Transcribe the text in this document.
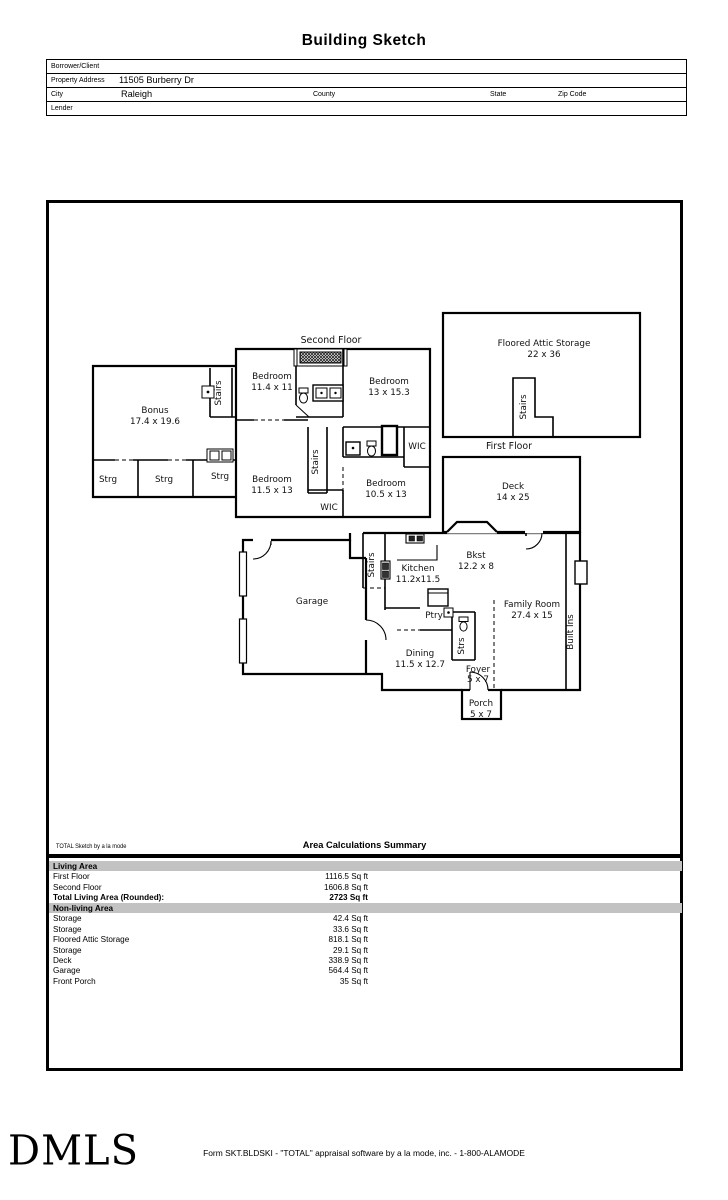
Building Sketch
Borrower/Client
Property Address 11505 Burberry Dr
City	Raleigh	County	State	Zip Code
Lender
Second Floor
Bonus
17.4 x 19.6
Bedroom
11.4 x 11
Bedroom
13 x 15.3
Bedroom
11.5 x 13
Bedroom
10.5 x 13
WIC
WIC
Strg	Strg	Strg
Stairs
Stairs
Floored Attic Storage
22 x 36
Stairs
First Floor
Deck
14 x 25
Bkst
12.2 x 8
Kitchen
11.2x11.5
Family Room
27.4 x 15
Garage
Ptry
Dining
11.5 x 12.7 Foyer
5 x 7
Porch
5 x 7
Stairs
Strs	Built Ins
TOTAL Sketch by a la mode	Area Calculations Summary
Living Area
First Floor	1116.5 Sq ft
Second Floor	1606.8 Sq ft
Total Living Area (Rounded):	2723 Sq ft
Non-living Area
Storage	42.4 Sq ft
Storage	33.6 Sq ft
Floored Attic Storage	818.1 Sq ft
Storage	29.1 Sq ft
Deck	338.9 Sq ft
Garage	564.4 Sq ft
Front Porch	35 Sq ft
DMLS	Form SKT.BLDSKI - "TOTAL" appraisal software by a la mode, inc. - 1-800-ALAMODE
